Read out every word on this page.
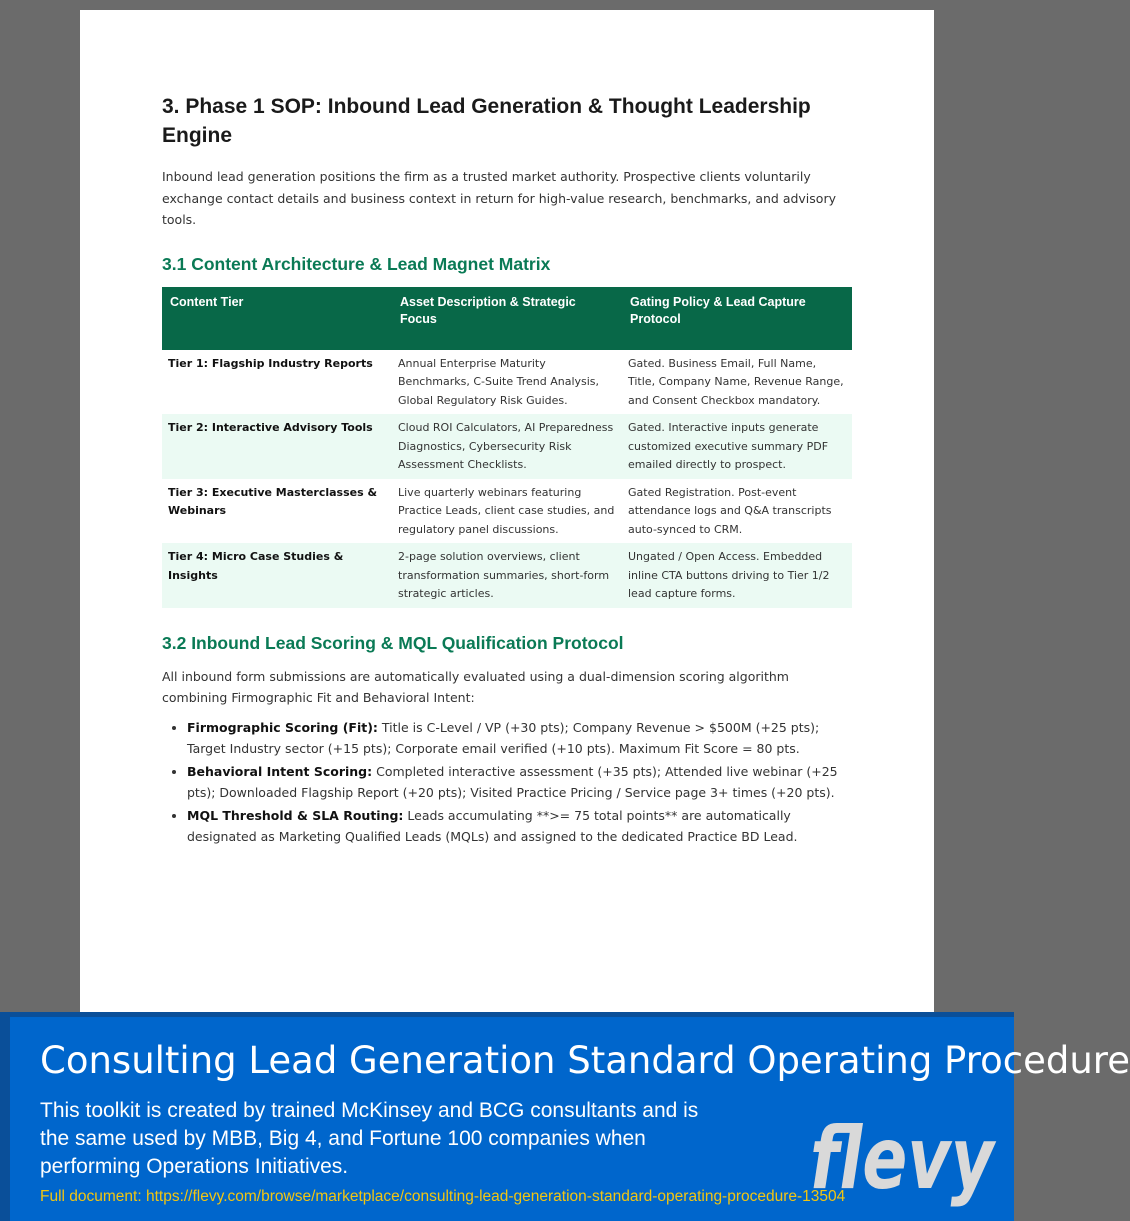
3. Phase 1 SOP: Inbound Lead Generation & Thought Leadership Engine

Inbound lead generation positions the firm as a trusted market authority. Prospective clients voluntarily exchange contact details and business context in return for high-value research, benchmarks, and advisory tools.

3.1 Content Architecture & Lead Magnet Matrix
Content Tier	Asset Description & Strategic Focus	Gating Policy & Lead Capture Protocol
Tier 1: Flagship Industry Reports	Annual Enterprise Maturity Benchmarks, C-Suite Trend Analysis, Global Regulatory Risk Guides.	Gated. Business Email, Full Name, Title, Company Name, Revenue Range, and Consent Checkbox mandatory.
Tier 2: Interactive Advisory Tools	Cloud ROI Calculators, AI Preparedness Diagnostics, Cybersecurity Risk Assessment Checklists.	Gated. Interactive inputs generate customized executive summary PDF emailed directly to prospect.
Tier 3: Executive Masterclasses & Webinars	Live quarterly webinars featuring Practice Leads, client case studies, and regulatory panel discussions.	Gated Registration. Post-event attendance logs and Q&A transcripts auto-synced to CRM.
Tier 4: Micro Case Studies & Insights	2-page solution overviews, client transformation summaries, short-form strategic articles.	Ungated / Open Access. Embedded inline CTA buttons driving to Tier 1/2 lead capture forms.
3.2 Inbound Lead Scoring & MQL Qualification Protocol

All inbound form submissions are automatically evaluated using a dual-dimension scoring algorithm combining Firmographic Fit and Behavioral Intent:

• Firmographic Scoring (Fit): Title is C-Level / VP (+30 pts); Company Revenue > $500M (+25 pts); Target Industry sector (+15 pts); Corporate email verified (+10 pts). Maximum Fit Score = 80 pts.
• Behavioral Intent Scoring: Completed interactive assessment (+35 pts); Attended live webinar (+25 pts); Downloaded Flagship Report (+20 pts); Visited Practice Pricing / Service page 3+ times (+20 pts).
• MQL Threshold & SLA Routing: Leads accumulating **>= 75 total points** are automatically designated as Marketing Qualified Leads (MQLs) and assigned to the dedicated Practice BD Lead.
Consulting Lead Generation Standard Operating Procedure
This toolkit is created by trained McKinsey and BCG consultants and is the same used by MBB, Big 4, and Fortune 100 companies when performing Operations Initiatives.
Full document: https://flevy.com/browse/marketplace/consulting-lead-generation-standard-operating-procedure-13504
flevy
